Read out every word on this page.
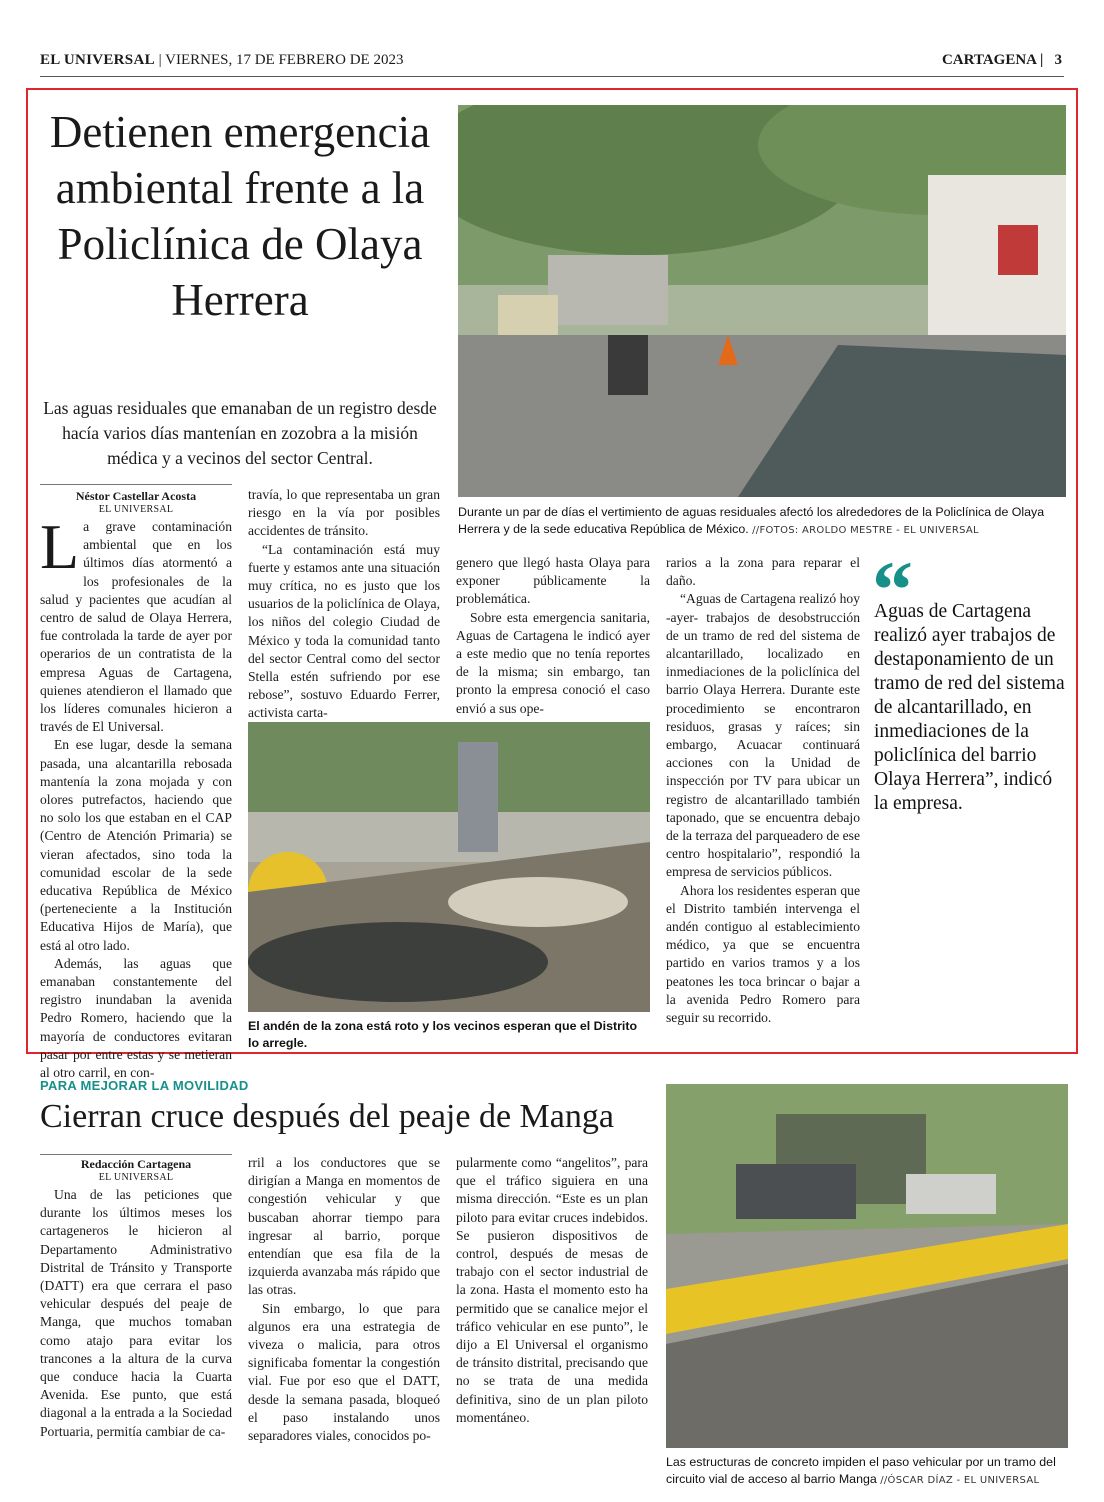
EL UNIVERSAL | VIERNES, 17 DE FEBRERO DE 2023	CARTAGENA |   3
Detienen emergencia ambiental frente a la Policlínica de Olaya Herrera
Las aguas residuales que emanaban de un registro desde hacía varios días mantenían en zozobra a la misión médica y a vecinos del sector Central.
Durante un par de días el vertimiento de aguas residuales afectó los alrededores de la Policlínica de Olaya Herrera y de la sede educativa República de México. //FOTOS: AROLDO MESTRE - EL UNIVERSAL
Néstor Castellar Acosta
EL UNIVERSAL

La grave contaminación ambiental que en los últimos días atormentó a los profesionales de la salud y pacientes que acudían al centro de salud de Olaya Herrera, fue controlada la tarde de ayer por operarios de un contratista de la empresa Aguas de Cartagena, quienes atendieron el llamado que los líderes comunales hicieron a través de El Universal.

En ese lugar, desde la semana pasada, una alcantarilla rebosada mantenía la zona mojada y con olores putrefactos, haciendo que no solo los que estaban en el CAP (Centro de Atención Primaria) se vieran afectados, sino toda la comunidad escolar de la sede educativa República de México (perteneciente a la Institución Educativa Hijos de María), que está al otro lado.

Además, las aguas que emanaban constantemente del registro inundaban la avenida Pedro Romero, haciendo que la mayoría de conductores evitaran pasar por entre estas y se metieran al otro carril, en con-

travía, lo que representaba un gran riesgo en la vía por posibles accidentes de tránsito.

“La contaminación está muy fuerte y estamos ante una situación muy crítica, no es justo que los usuarios de la policlínica de Olaya, los niños del colegio Ciudad de México y toda la comunidad tanto del sector Central como del sector Stella estén sufriendo por ese rebose”, sostuvo Eduardo Ferrer, activista carta-

genero que llegó hasta Olaya para exponer públicamente la problemática.

Sobre esta emergencia sanitaria, Aguas de Cartagena le indicó ayer a este medio que no tenía reportes de la misma; sin embargo, tan pronto la empresa conoció el caso envió a sus ope-

El andén de la zona está roto y los vecinos esperan que el Distrito lo arregle.

rarios a la zona para reparar el daño.

“Aguas de Cartagena realizó hoy -ayer- trabajos de desobstrucción de un tramo de red del sistema de alcantarillado, localizado en inmediaciones de la policlínica del barrio Olaya Herrera. Durante este procedimiento se encontraron residuos, grasas y raíces; sin embargo, Acuacar continuará acciones con la Unidad de inspección por TV para ubicar un registro de alcantarillado también taponado, que se encuentra debajo de la terraza del parqueadero de ese centro hospitalario”, respondió la empresa de servicios públicos.

Ahora los residentes esperan que el Distrito también intervenga el andén contiguo al establecimiento médico, ya que se encuentra partido en varios tramos y a los peatones les toca brincar o bajar a la avenida Pedro Romero para seguir su recorrido.

“
Aguas de Cartagena realizó ayer trabajos de destaponamiento de un tramo de red del sistema de alcantarillado, en inmediaciones de la policlínica del barrio Olaya Herrera”, indicó la empresa.
PARA MEJORAR LA MOVILIDAD
Cierran cruce después del peaje de Manga
Redacción Cartagena
EL UNIVERSAL

Una de las peticiones que durante los últimos meses los cartageneros le hicieron al Departamento Administrativo Distrital de Tránsito y Transporte (DATT) era que cerrara el paso vehicular después del peaje de Manga, que muchos tomaban como atajo para evitar los trancones a la altura de la curva que conduce hacia la Cuarta Avenida. Ese punto, que está diagonal a la entrada a la Sociedad Portuaria, permitía cambiar de ca-

rril a los conductores que se dirigían a Manga en momentos de congestión vehicular y que buscaban ahorrar tiempo para ingresar al barrio, porque entendían que esa fila de la izquierda avanzaba más rápido que las otras.

Sin embargo, lo que para algunos era una estrategia de viveza o malicia, para otros significaba fomentar la congestión vial. Fue por eso que el DATT, desde la semana pasada, bloqueó el paso instalando unos separadores viales, conocidos po-

pularmente como “angelitos”, para que el tráfico siguiera en una misma dirección. “Este es un plan piloto para evitar cruces indebidos. Se pusieron dispositivos de control, después de mesas de trabajo con el sector industrial de la zona. Hasta el momento esto ha permitido que se canalice mejor el tráfico vehicular en ese punto”, le dijo a El Universal el organismo de tránsito distrital, precisando que no se trata de una medida definitiva, sino de un plan piloto momentáneo.

Las estructuras de concreto impiden el paso vehicular por un tramo del circuito vial de acceso al barrio Manga //ÓSCAR DÍAZ - EL UNIVERSAL
